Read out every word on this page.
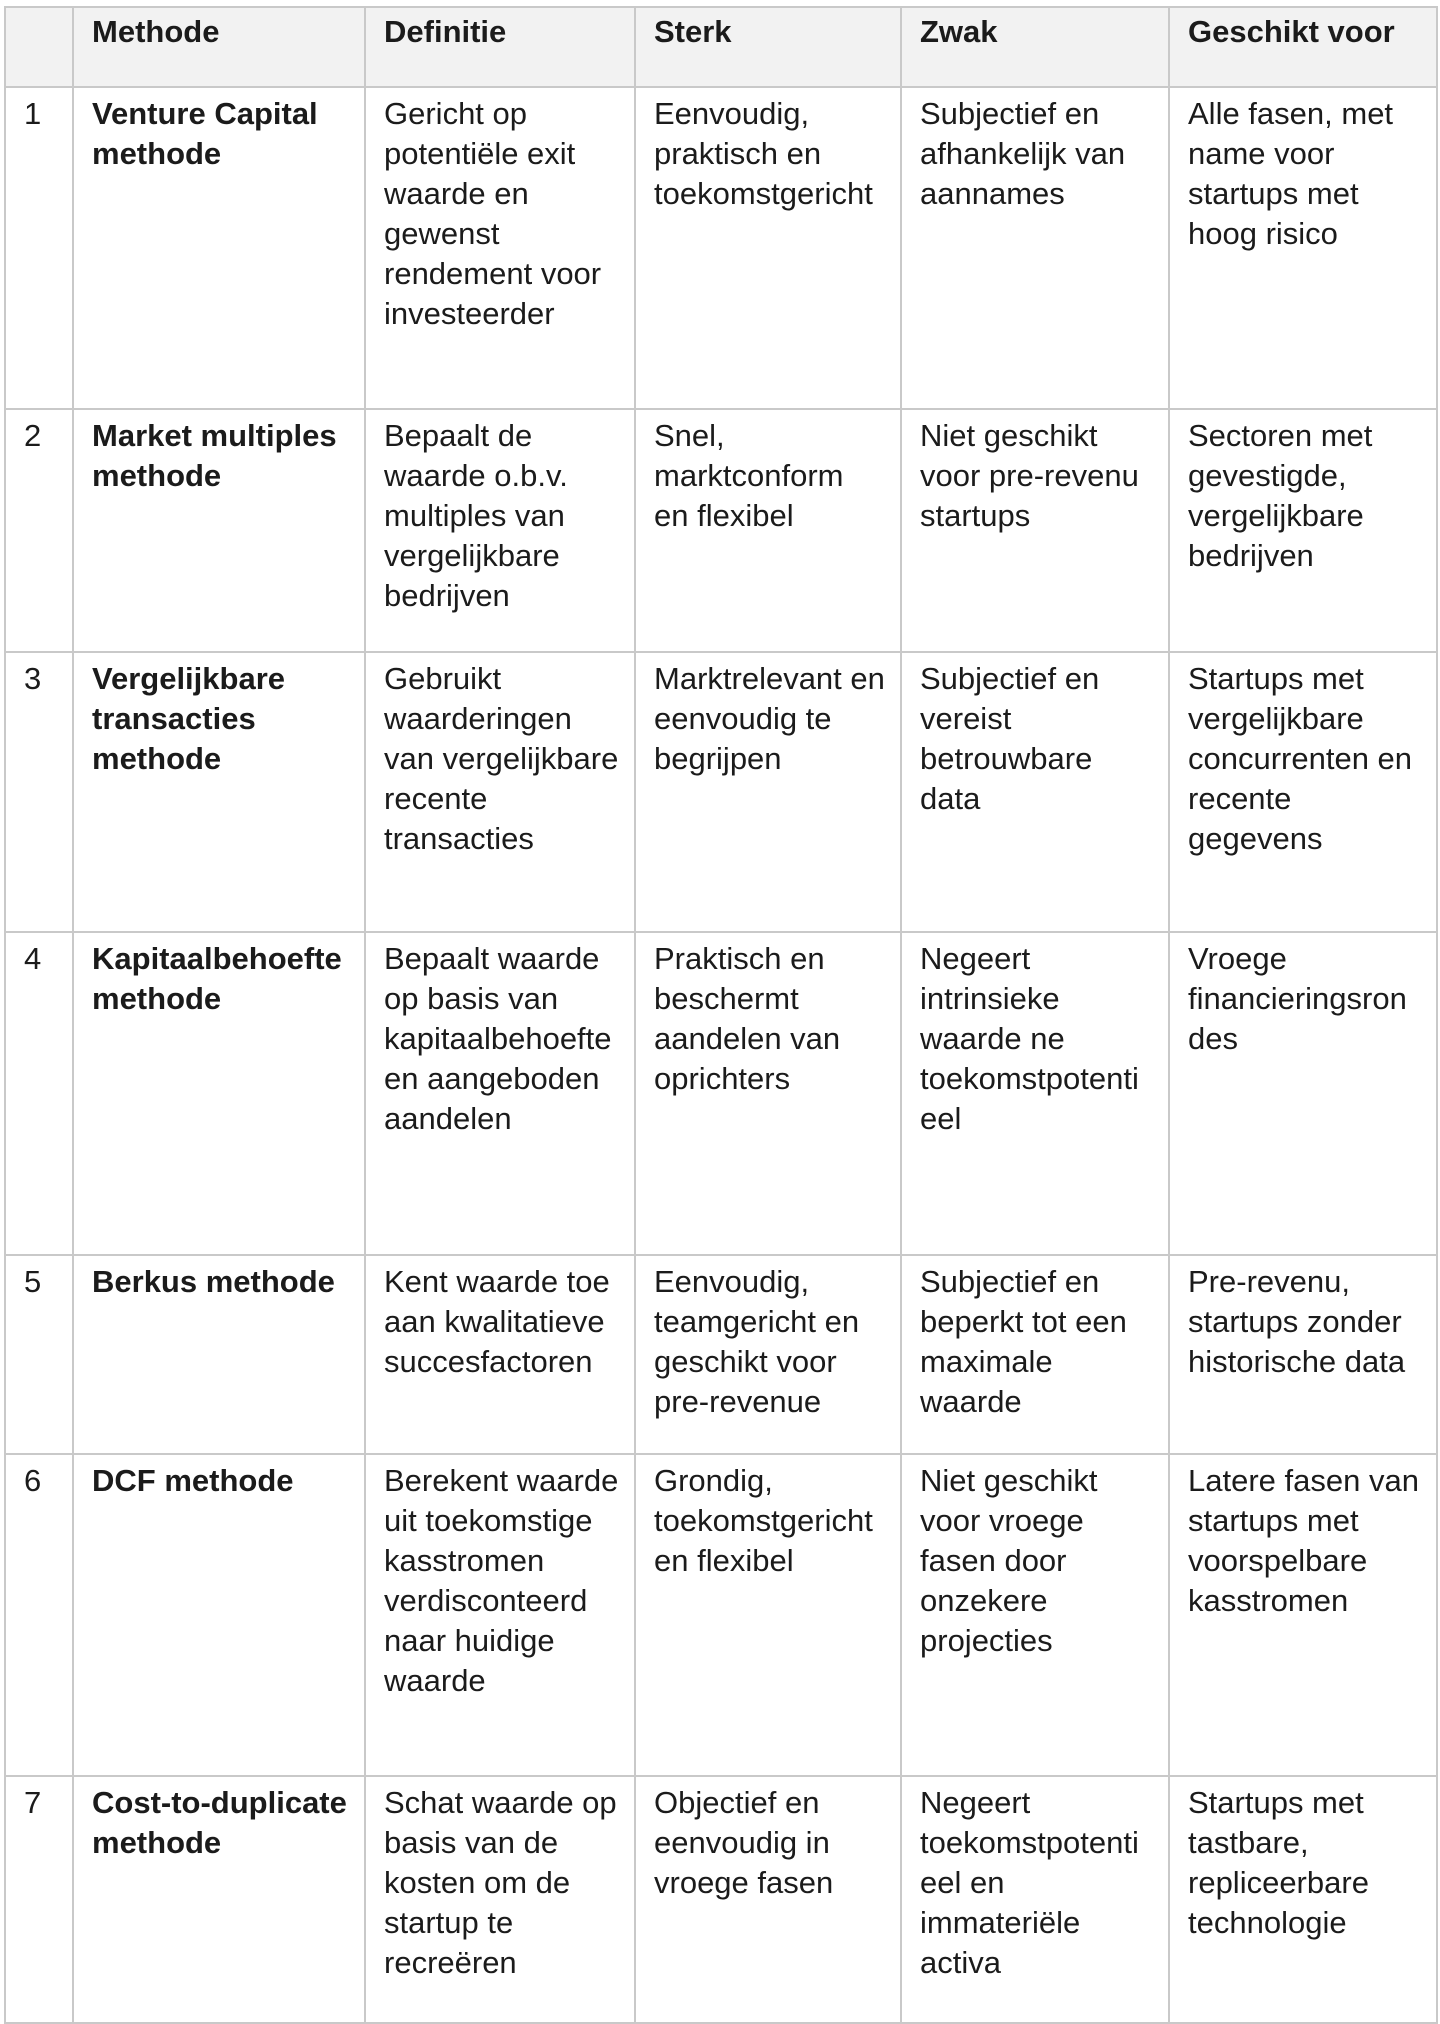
	Methode	Definitie	Sterk	Zwak	Geschikt voor
1	Venture Capital methode	Gericht op potentiële exit waarde en gewenst rendement voor investeerder	Eenvoudig, praktisch en toekomstgericht	Subjectief en afhankelijk van aannames	Alle fasen, met name voor startups met hoog risico
2	Market multiples methode	Bepaalt de waarde o.b.v. multiples van vergelijkbare bedrijven	Snel, marktconform en flexibel	Niet geschikt voor pre-revenu startups	Sectoren met gevestigde, vergelijkbare bedrijven
3	Vergelijkbare transacties methode	Gebruikt waarderingen van vergelijkbare recente transacties	Marktrelevant en eenvoudig te begrijpen	Subjectief en vereist betrouwbare data	Startups met vergelijkbare concurrenten en recente gegevens
4	Kapitaalbehoefte methode	Bepaalt waarde op basis van kapitaalbehoefte en aangeboden aandelen	Praktisch en beschermt aandelen van oprichters	Negeert intrinsieke waarde ne toekomstpotentieel	Vroege financieringsrondes
5	Berkus methode	Kent waarde toe aan kwalitatieve succesfactoren	Eenvoudig, teamgericht en geschikt voor pre-revenue	Subjectief en beperkt tot een maximale waarde	Pre-revenu, startups zonder historische data
6	DCF methode	Berekent waarde uit toekomstige kasstromen verdisconteerd naar huidige waarde	Grondig, toekomstgericht en flexibel	Niet geschikt voor vroege fasen door onzekere projecties	Latere fasen van startups met voorspelbare kasstromen
7	Cost-to-duplicate methode	Schat waarde op basis van de kosten om de startup te recreëren	Objectief en eenvoudig in vroege fasen	Negeert toekomstpotentieel en immateriële activa	Startups met tastbare, repliceerbare technologie
